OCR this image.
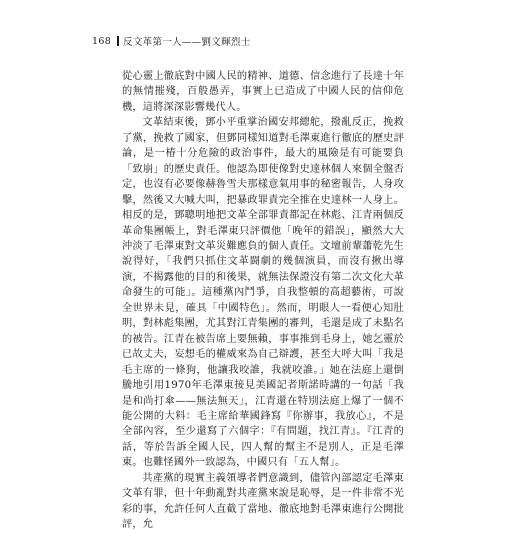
168 反文革第一人——劉文輝烈士

從心靈上徹底對中國人民的精神、道德、信念進行了長達十年的無情摧殘，百般愚弄，事實上已造成了中國人民的信仰危機，這將深深影響幾代人。

文革結束後，鄧小平重掌治國安邦總舵，撥亂反正，挽救了黨，挽救了國家，但鄧同樣知道對毛澤東進行徹底的歷史評論，是一椿十分危險的政治事件，最大的風險是有可能要負「致崩」的歷史責任。他認為即使像對史達林個人來個全盤否定，也沒有必要像赫魯雪夫那樣意氣用事的秘密報告，人身攻擊，然後又大喊大叫，把暴政罪責完全推在史達林一人身上。相反的是，鄧聰明地把文革全部罪責都記在林彪、江青兩個反革命集團帳上，對毛澤東只評價他「晚年的錯誤」，顯然大大沖淡了毛澤東對文革災難應負的個人責任。文壇前輩蕭乾先生說得好，「我們只抓住文革闘劇的幾個演員，而沒有揪出導演，不揭露他的目的和後果，就無法保證沒有第二次文化大革命發生的可能」。這種黨內鬥爭，自我整頓的高超藝術，可說全世界未見，確具「中國特色」。然而，明眼人一看便心知肚明，對林彪集團，尤其對江青集團的審判，毛還是成了未點名的被告。江青在被告席上要無賴，事事推到毛身上，她乞靈於已故丈夫，妄想毛的權威來為自己辯護，甚至大呼大叫「我是毛主席的一條狗，他讓我咬誰，我就咬誰。」她在法庭上還倒騰地引用1970年毛澤東接見美國記者斯諾時講的一句話「我是和尚打傘——無法無天」，江青還在特別法庭上爆了一個不能公開的大料：毛主席給華國鋒寫『你辦事，我放心』，不是全部內容，至少還寫了六個字：『有問題，找江青』。『江青的話，等於告訴全國人民，四人幫的幫主不是別人，正是毛澤東。也難怪國外一致認為，中國只有「五人幫」。

共產黨的現實主義領導者們意識到，儘管內部認定毛澤東文革有罪，但十年動亂對共產黨來說是恥辱，是一件非常不光彩的事，允許任何人直截了當地、徹底地對毛澤東進行公開批評，允
